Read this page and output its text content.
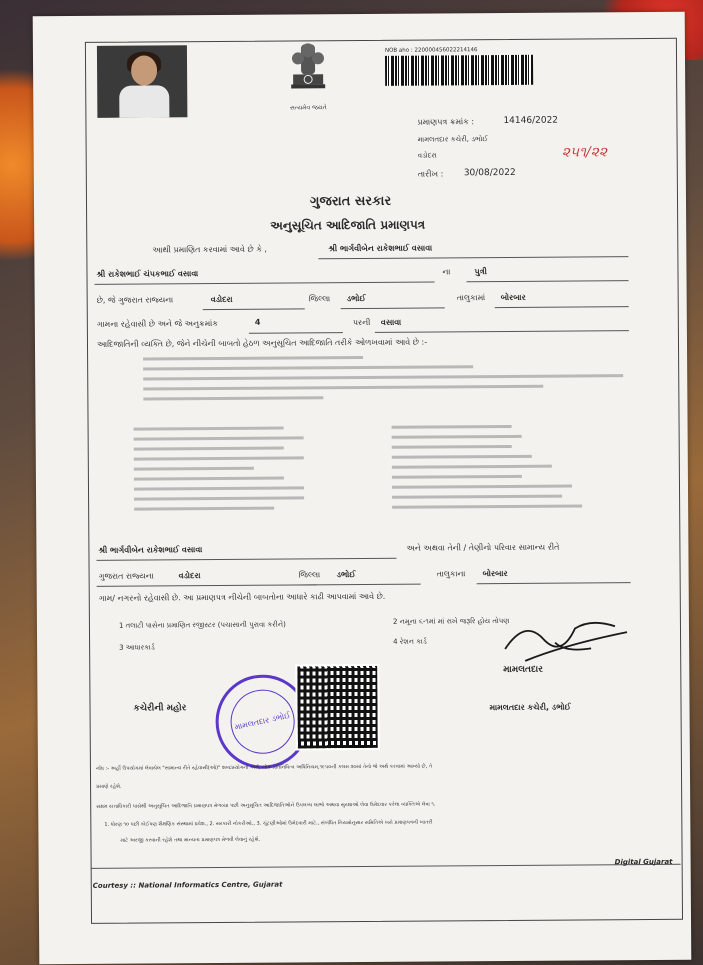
સત્યમેવ જયતે
NOB aho : 220000456022214146
પ્રમાણપત્ર ક્રમાંક :	14146/2022
મામલતદાર કચેરી, ડભોઈ
વડોદરા	૨૫૧/૨૨
તારીખ : 30/08/2022
ગુજરાત સરકાર
અનુસૂચિત આદિજાતિ પ્રમાણપત્ર
આથી પ્રમાણિત કરવામાં આવે છે કે ,	શ્રી ભાર્ગવીબેન રાકેશભાઈ વસાવા
શ્રી રાકેશભાઈ ચંપકભાઈ વસાવા	ના	પુત્રી
છે, જે ગુજરાત રાજ્યના	વડોદરા	જિલ્લા ડભોઈ	તાલુકામાં બોરબાર
ગામના રહેવાસી છે અને જે અનુક્રમાંક	4	પરની વસાવા
આદિજાતિની વ્યક્તિ છે, જેને નીચેની બાબતો હેઠળ અનુસૂચિત આદિજાતિ તરીકે ઓળખવામાં આવે છે :-
શ્રી ભાર્ગવીબેન રાકેશભાઈ વસાવા	અને અથવા તેની / તેણીનો પરિવાર સામાન્ય રીતે
ગુજરાત રાજ્યના	વડોદરા	જિલ્લા ડભોઈ	તાલુકાના બોરબાર
ગામ/ નગરનો રહેવાસી છે. આ પ્રમાણપત્ર નીચેની બાબતોના આધારે કાઢી આપવામાં આવે છે.
1 તલાટી પાસેના પ્રમાણિત રજીસ્ટર (પચાસાની પુરાવા કરીને)	2 નમૂના ૬-૧માં માં રાખે જરૂરિ હોય તોપણ
3 આધારકાર્ડ
4 રેશન કાર્ડ
મામલતદાર
કચેરીની મહોર
મામલતદાર ડભોઈ
મામલતદાર કચેરી, ડભોઈ
નોંધ :- અહીં ઉપયોગમાં લેવાયેલ "સામાન્ય રીતે રહેવાસી(ઓ)" શબ્દપ્રયોગનો અર્થ, લોક-પ્રતિનિધિત્વ અધિનિયમ,૧૯૫૦ની કલમ ૨૦માં તેનો જે અર્થ કરવામાં આવ્યો છે, તે
પ્રમાણે રહેશે.
સક્ષમ સત્તાધિકારી પાસેથી અનુસૂચિત આદિજાતિ પ્રમાણપત્ર મેળવ્યા પછી અનુસૂચિત આદિજાતિઓને ઉપલબ્ધ લાભો અથવા સુરક્ષાઓ લેવા ઉમેદવાર કરેલા વ્યક્તિએ લેવા ૧.
1. ધોરણ ૧૦ પછી કોઈપણ શૈક્ષણિક સંસ્થામાં પ્રવેશ., 2. સરકારી નોકરીઓ., 3. ચૂંટણીઓમાં ઉમેદવારી માટે., સંબંધિત નિયમોનુસાર સમિતિએ ખરો પ્રમાણપત્રની ખાતરી
માટે અરજી કરવાની રહેશે તથા માન્યતા પ્રમાણપત્ર મેળવી લેવાનું રહેશે.
Digital Gujarat
Courtesy :: National Informatics Centre, Gujarat
